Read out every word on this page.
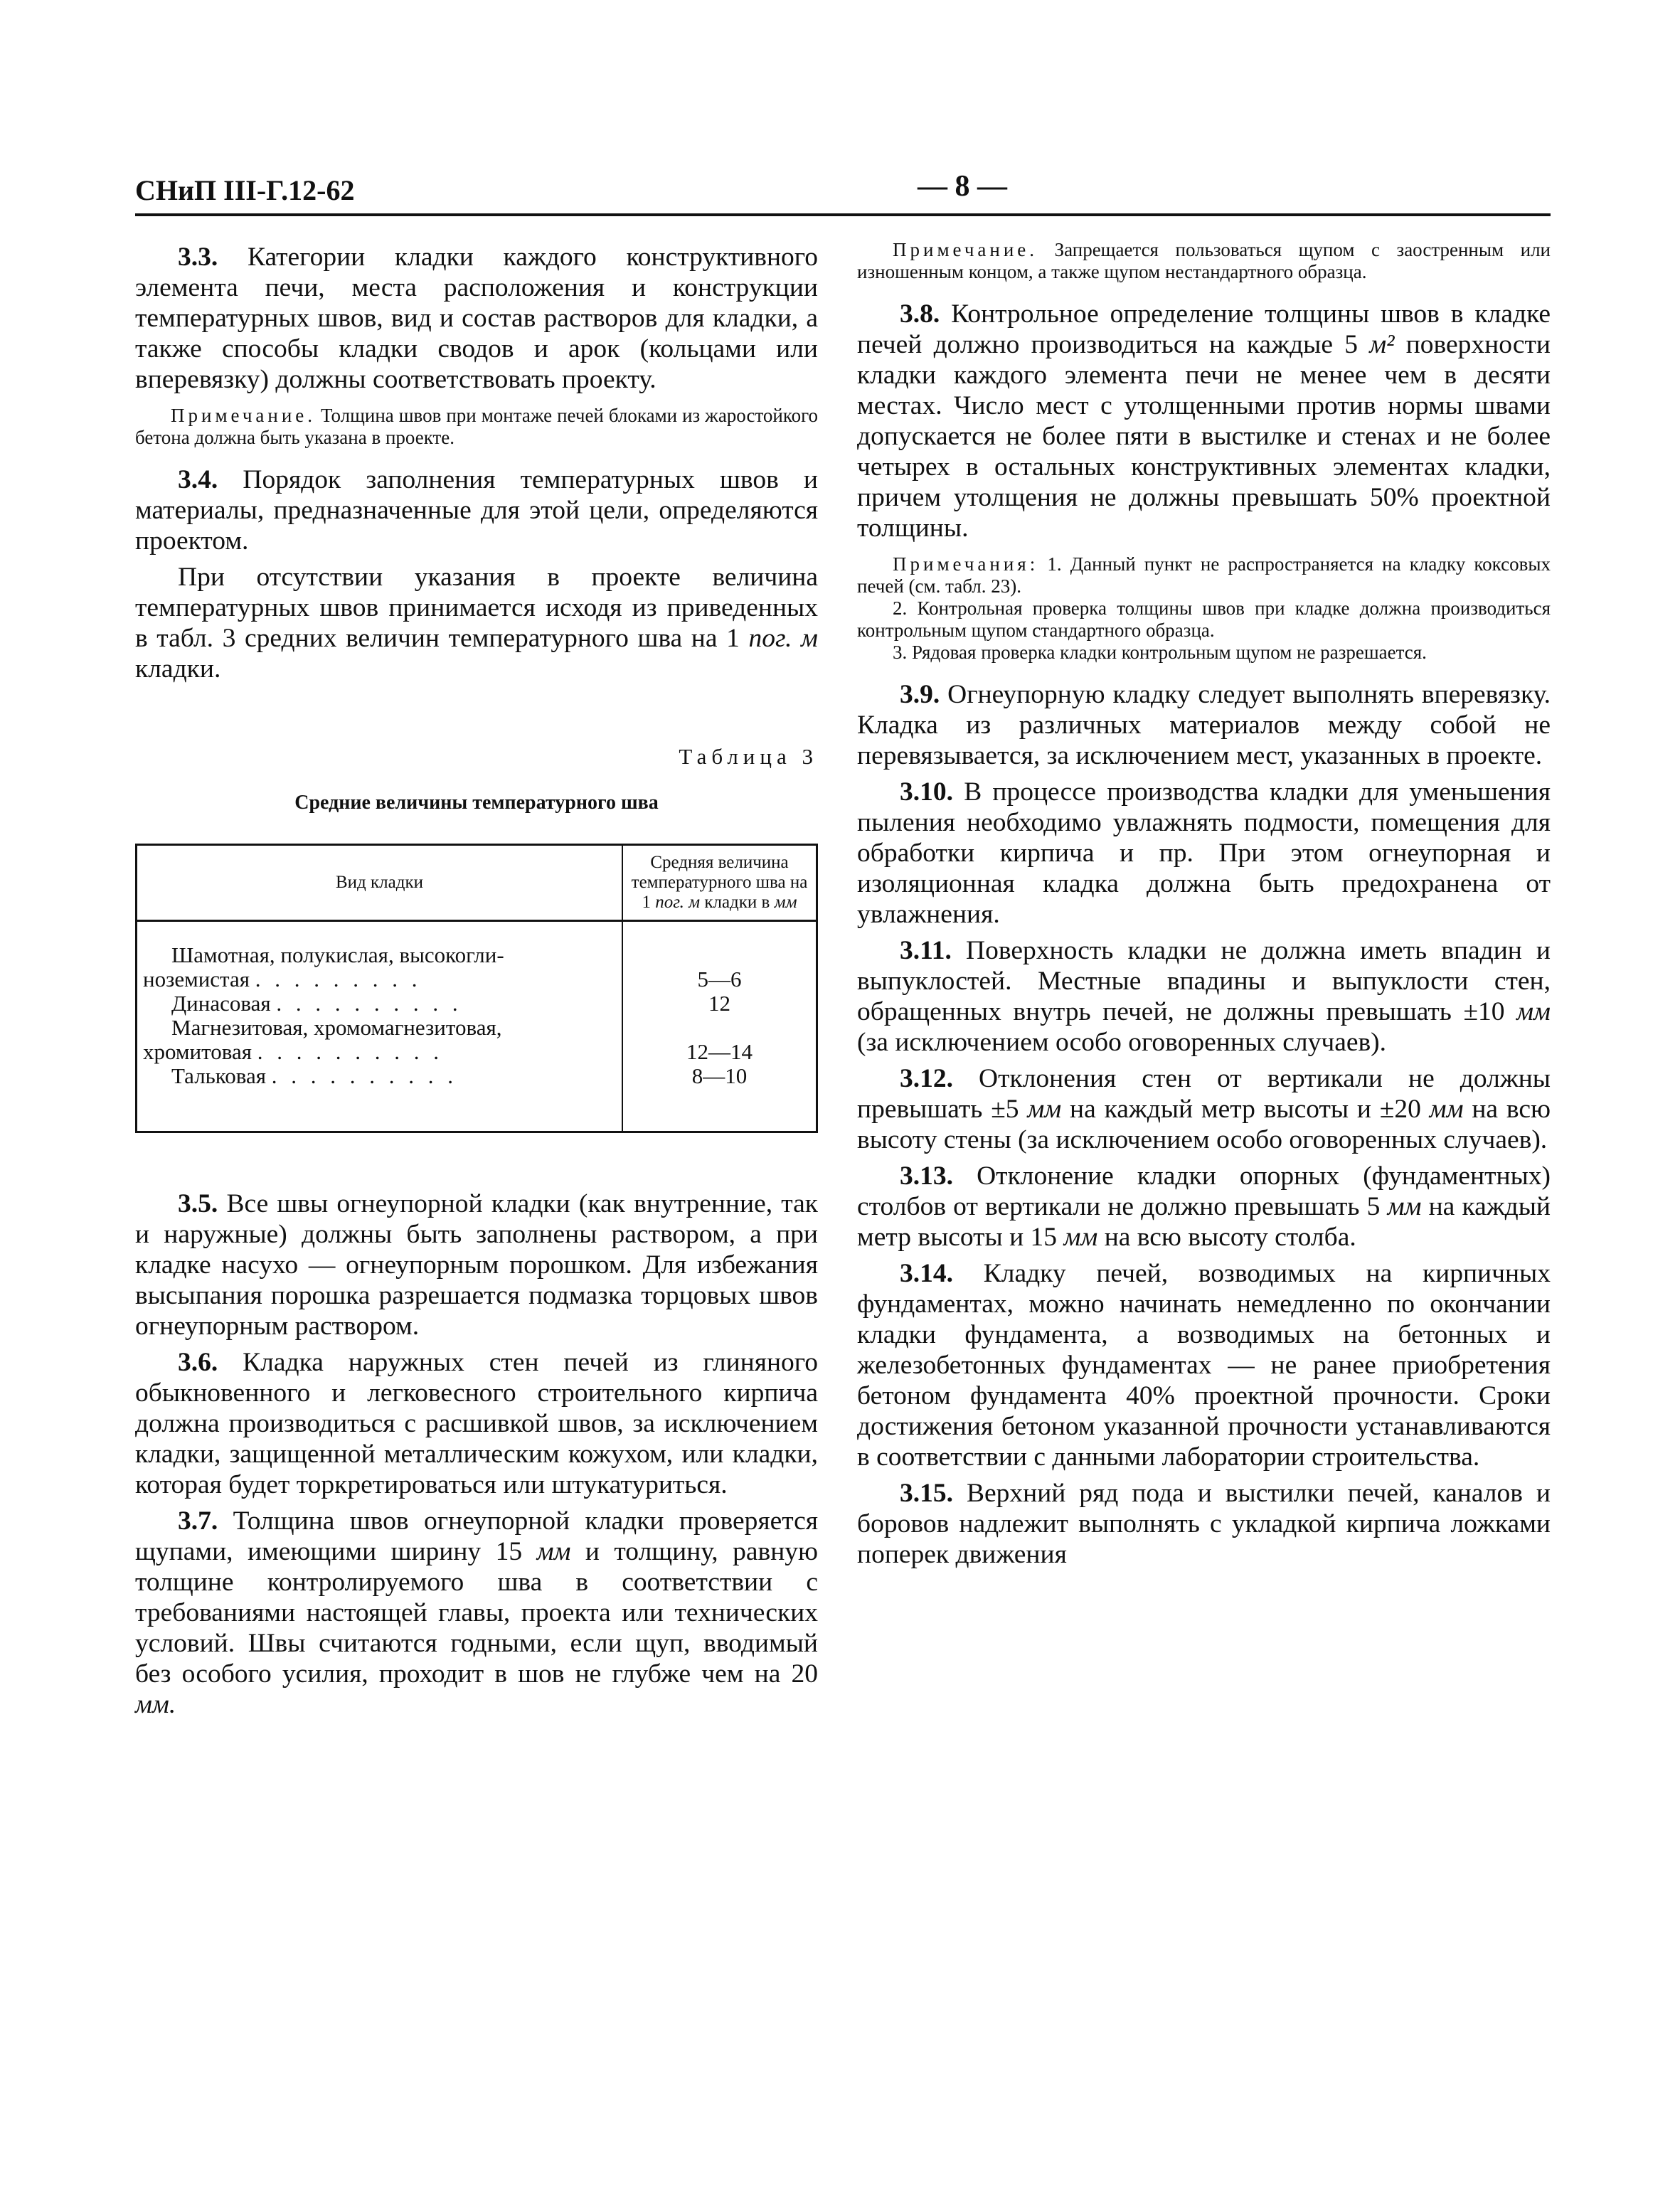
СНиП III-Г.12-62	— 8 —

3.3. Категории кладки каждого конструктивного элемента печи, места расположения и конструкции температурных швов, вид и состав растворов для кладки, а также способы кладки сводов и арок (кольцами или вперевязку) должны соответствовать проекту.

Примечание. Толщина швов при монтаже печей блоками из жаростойкого бетона должна быть указана в проекте.

3.4. Порядок заполнения температурных швов и материалы, предназначенные для этой цели, определяются проектом.

При отсутствии указания в проекте величина температурных швов принимается исходя из приведенных в табл. 3 средних величин температурного шва на 1 пог. м кладки.

Таблица 3
Средние величины температурного шва
Вид кладки	Средняя величина температурного шва на 1 пог. м кладки в мм

Шамотная, полукислая, высокогли-
ноземистая . . . . . . . . .	5—6

Динасовая . . . . . . . . . .	12

Магнезитовая, хромомагнезитовая,
хромитовая . . . . . . . . . .	12—14

Тальковая . . . . . . . . . .	8—10

3.5. Все швы огнеупорной кладки (как внутренние, так и наружные) должны быть заполнены раствором, а при кладке насухо — огнеупорным порошком. Для избежания высыпания порошка разрешается подмазка торцовых швов огнеупорным раствором.

3.6. Кладка наружных стен печей из глиняного обыкновенного и легковесного строительного кирпича должна производиться с расшивкой швов, за исключением кладки, защищенной металлическим кожухом, или кладки, которая будет торкретироваться или штукатуриться.

3.7. Толщина швов огнеупорной кладки проверяется щупами, имеющими ширину 15 мм и толщину, равную толщине контролируемого шва в соответствии с требованиями настоящей главы, проекта или технических условий. Швы считаются годными, если щуп, вводимый без особого усилия, проходит в шов не глубже чем на 20 мм.

Примечание. Запрещается пользоваться щупом с заостренным или изношенным концом, а также щупом нестандартного образца.

3.8. Контрольное определение толщины швов в кладке печей должно производиться на каждые 5 м² поверхности кладки каждого элемента печи не менее чем в десяти местах. Число мест с утолщенными против нормы швами допускается не более пяти в выстилке и стенах и не более четырех в остальных конструктивных элементах кладки, причем утолщения не должны превышать 50% проектной толщины.

Примечания: 1. Данный пункт не распространяется на кладку коксовых печей (см. табл. 23).

2. Контрольная проверка толщины швов при кладке должна производиться контрольным щупом стандартного образца.

3. Рядовая проверка кладки контрольным щупом не разрешается.

3.9. Огнеупорную кладку следует выполнять вперевязку. Кладка из различных материалов между собой не перевязывается, за исключением мест, указанных в проекте.

3.10. В процессе производства кладки для уменьшения пыления необходимо увлажнять подмости, помещения для обработки кирпича и пр. При этом огнеупорная и изоляционная кладка должна быть предохранена от увлажнения.

3.11. Поверхность кладки не должна иметь впадин и выпуклостей. Местные впадины и выпуклости стен, обращенных внутрь печей, не должны превышать ±10 мм (за исключением особо оговоренных случаев).

3.12. Отклонения стен от вертикали не должны превышать ±5 мм на каждый метр высоты и ±20 мм на всю высоту стены (за исключением особо оговоренных случаев).

3.13. Отклонение кладки опорных (фундаментных) столбов от вертикали не должно превышать 5 мм на каждый метр высоты и 15 мм на всю высоту столба.

3.14. Кладку печей, возводимых на кирпичных фундаментах, можно начинать немедленно по окончании кладки фундамента, а возводимых на бетонных и железобетонных фундаментах — не ранее приобретения бетоном фундамента 40% проектной прочности. Сроки достижения бетоном указанной прочности устанавливаются в соответствии с данными лаборатории строительства.

3.15. Верхний ряд пода и выстилки печей, каналов и боровов надлежит выполнять с укладкой кирпича ложками поперек движения
